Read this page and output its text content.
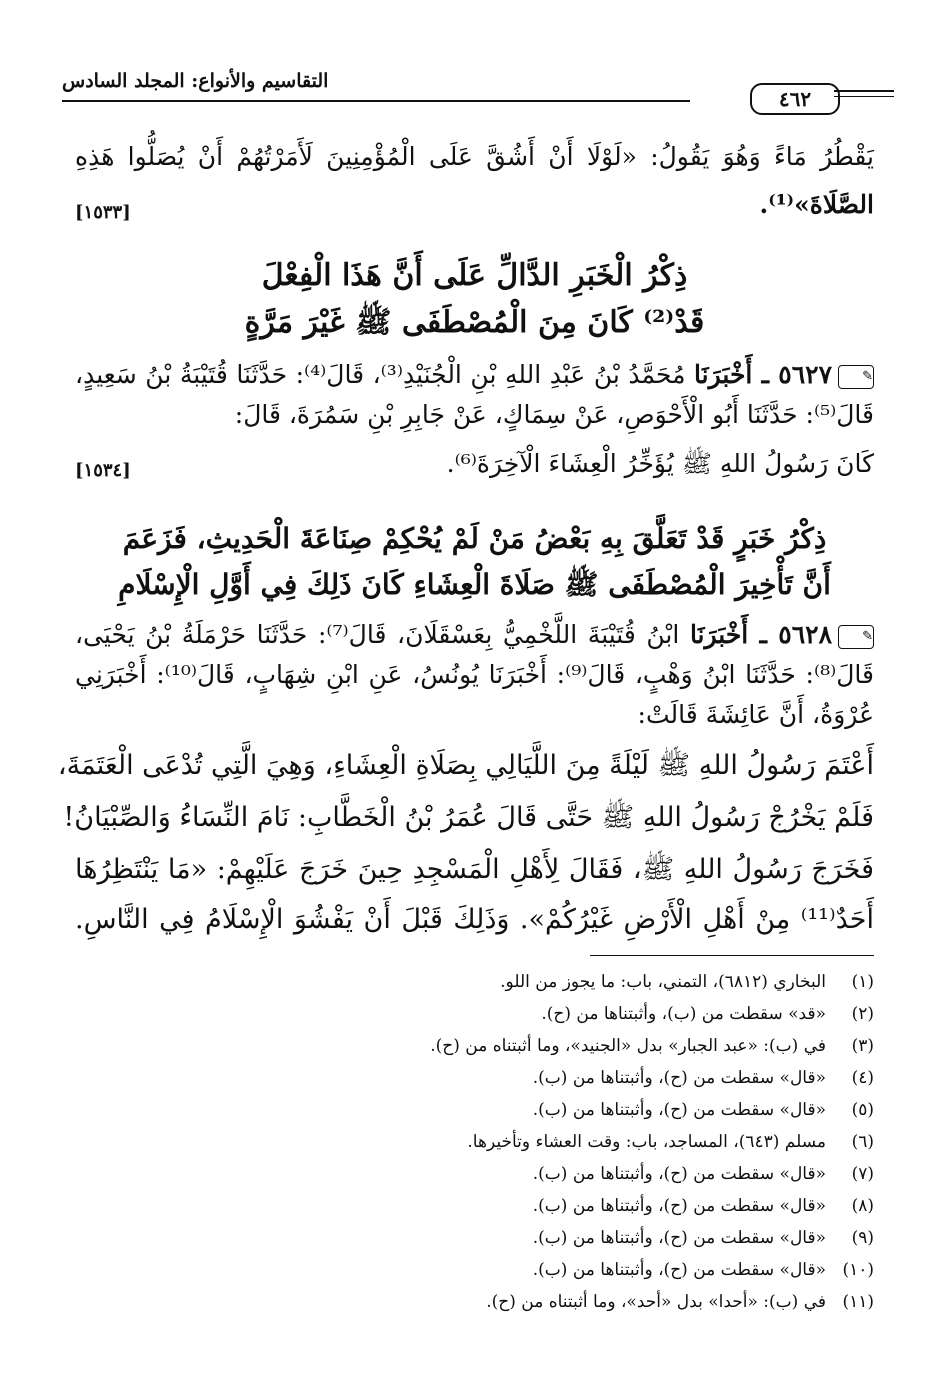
التقاسيم والأنواع: المجلد السادس
٤٦٢
يَقْطُرُ مَاءً وَهُوَ يَقُولُ: «لَوْلَا أَنْ أَشُقَّ عَلَى الْمُؤْمِنِينَ لَأَمَرْتُهُمْ أَنْ يُصَلُّوا هَذِهِ
الصَّلَاةَ»⁽¹⁾.
[١٥٣٣]
ذِكْرُ الْخَبَرِ الدَّالِّ عَلَى أَنَّ هَذَا الْفِعْلَ
قَدْ⁽²⁾ كَانَ مِنَ الْمُصْطَفَى ﷺ غَيْرَ مَرَّةٍ
✎٥٦٢٧ ـ أَخْبَرَنَا مُحَمَّدُ بْنُ عَبْدِ اللهِ بْنِ الْجُنَيْدِ⁽³⁾، قَالَ⁽⁴⁾: حَدَّثَنَا قُتَيْبَةُ بْنُ سَعِيدٍ،
قَالَ⁽⁵⁾: حَدَّثَنَا أَبُو الْأَحْوَصِ، عَنْ سِمَاكٍ، عَنْ جَابِرِ بْنِ سَمُرَةَ، قَالَ:
كَانَ رَسُولُ اللهِ ﷺ يُؤَخِّرُ الْعِشَاءَ الْآخِرَةَ⁽⁶⁾.
[١٥٣٤]
ذِكْرُ خَبَرٍ قَدْ تَعَلَّقَ بِهِ بَعْضُ مَنْ لَمْ يُحْكِمْ صِنَاعَةَ الْحَدِيثِ، فَزَعَمَ
أَنَّ تَأْخِيرَ الْمُصْطَفَى ﷺ صَلَاةَ الْعِشَاءِ كَانَ ذَلِكَ فِي أَوَّلِ الْإِسْلَامِ
✎٥٦٢٨ ـ أَخْبَرَنَا ابْنُ قُتَيْبَةَ اللَّخْمِيُّ بِعَسْقَلَانَ، قَالَ⁽⁷⁾: حَدَّثَنَا حَرْمَلَةُ بْنُ يَحْيَى،
قَالَ⁽⁸⁾: حَدَّثَنَا ابْنُ وَهْبٍ، قَالَ⁽⁹⁾: أَخْبَرَنَا يُونُسُ، عَنِ ابْنِ شِهَابٍ، قَالَ⁽¹⁰⁾: أَخْبَرَنِي
عُرْوَةُ، أَنَّ عَائِشَةَ قَالَتْ:
أَعْتَمَ رَسُولُ اللهِ ﷺ لَيْلَةً مِنَ اللَّيَالِي بِصَلَاةِ الْعِشَاءِ، وَهِيَ الَّتِي تُدْعَى الْعَتَمَةَ،
فَلَمْ يَخْرُجْ رَسُولُ اللهِ ﷺ حَتَّى قَالَ عُمَرُ بْنُ الْخَطَّابِ: نَامَ النِّسَاءُ وَالصِّبْيَانُ!
فَخَرَجَ رَسُولُ اللهِ ﷺ، فَقَالَ لِأَهْلِ الْمَسْجِدِ حِينَ خَرَجَ عَلَيْهِمْ: «مَا يَنْتَظِرُهَا
أَحَدٌ⁽¹¹⁾ مِنْ أَهْلِ الْأَرْضِ غَيْرُكُمْ». وَذَلِكَ قَبْلَ أَنْ يَفْشُوَ الْإِسْلَامُ فِي النَّاسِ.
(١)البخاري (٦٨١٢)، التمني، باب: ما يجوز من اللو.
(٢)«قد» سقطت من (ب)، وأثبتناها من (ح).
(٣)في (ب): «عبد الجبار» بدل «الجنيد»، وما أثبتناه من (ح).
(٤)«قال» سقطت من (ح)، وأثبتناها من (ب).
(٥)«قال» سقطت من (ح)، وأثبتناها من (ب).
(٦)مسلم (٦٤٣)، المساجد، باب: وقت العشاء وتأخيرها.
(٧)«قال» سقطت من (ح)، وأثبتناها من (ب).
(٨)«قال» سقطت من (ح)، وأثبتناها من (ب).
(٩)«قال» سقطت من (ح)، وأثبتناها من (ب).
(١٠)«قال» سقطت من (ح)، وأثبتناها من (ب).
(١١)في (ب): «أحدا» بدل «أحد»، وما أثبتناه من (ح).
